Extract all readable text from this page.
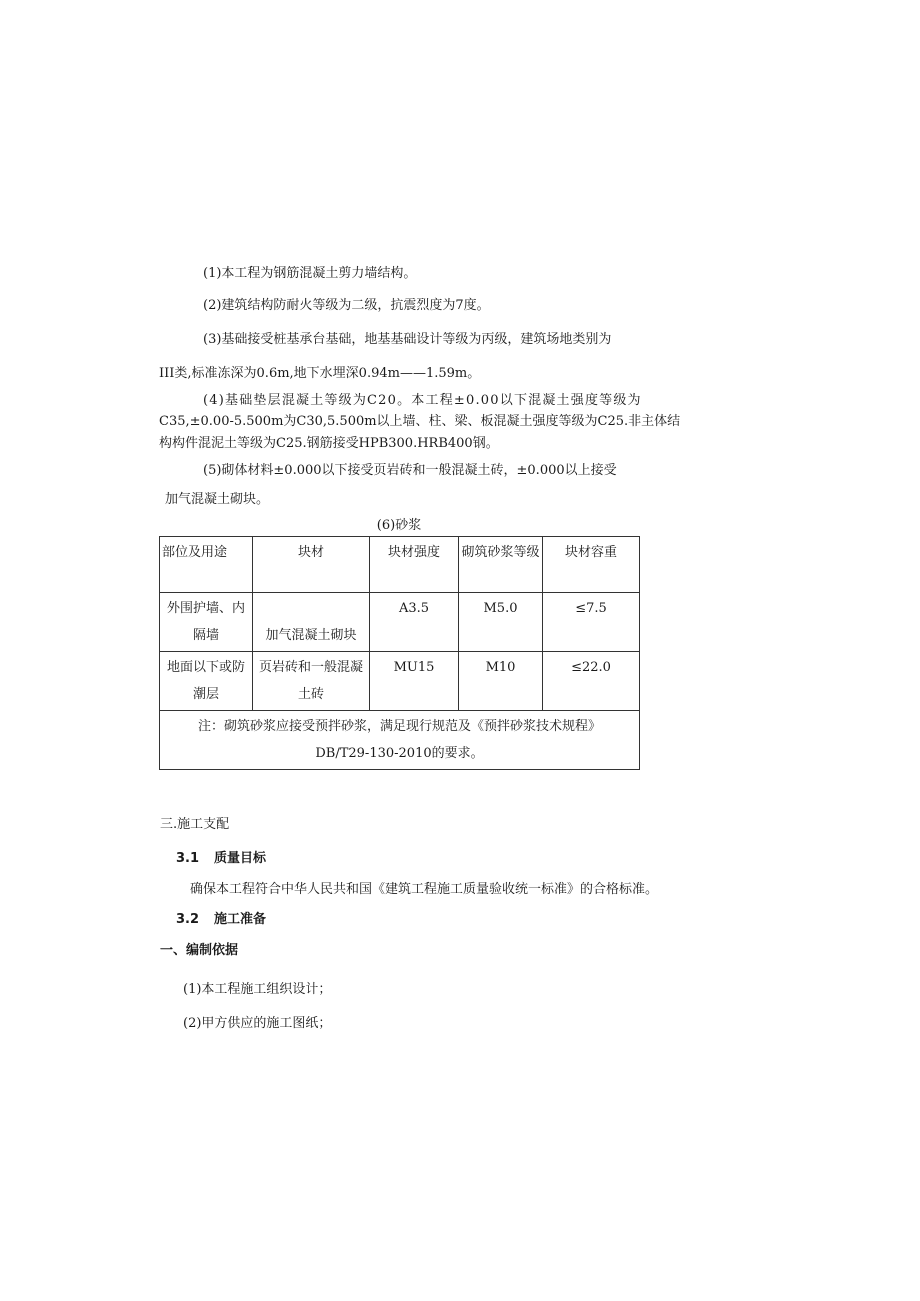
(1)本工程为钢筋混凝土剪力墙结构。
(2)建筑结构防耐火等级为二级，抗震烈度为7度。
(3)基础接受桩基承台基础，地基基础设计等级为丙级，建筑场地类别为
III类,标准冻深为0.6m,地下水埋深0.94m——1.59m。
(4)基础垫层混凝土等级为C20。本工程±0.00以下混凝土强度等级为
C35,±0.00-5.500m为C30,5.500m以上墙、柱、梁、板混凝土强度等级为C25.非主体结
构构件混泥土等级为C25.钢筋接受HPB300.HRB400钢。
(5)砌体材料±0.000以下接受页岩砖和一般混凝土砖，±0.000以上接受
加气混凝土砌块。
(6)砂浆
部位及用途	块材	块材强度	砌筑砂浆等级	块材容重
外围护墙、内隔墙	加气混凝土砌块	A3.5	M5.0	≤7.5
地面以下或防潮层	页岩砖和一般混凝土砖	MU15	M10	≤22.0

注：砌筑砂浆应接受预拌砂浆，满足现行规范及《预拌砂浆技术规程》
DB/T29-130-2010的要求。				
三.施工支配
3.1 质量目标
确保本工程符合中华人民共和国《建筑工程施工质量验收统一标准》的合格标准。
3.2 施工准备
一、编制依据
(1)本工程施工组织设计；
(2)甲方供应的施工图纸；
